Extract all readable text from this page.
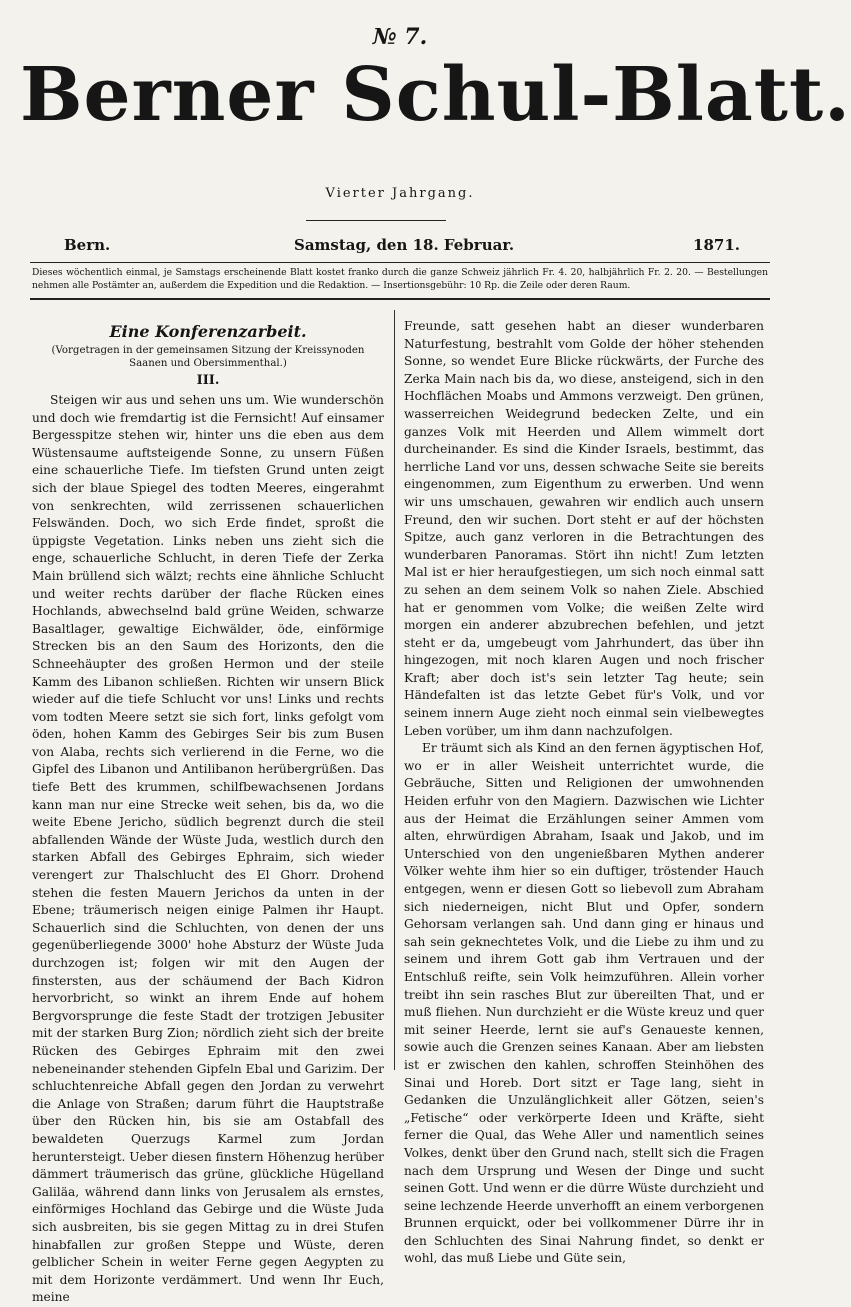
№ 7.
Berner Schul-Blatt.
Vierter Jahrgang.
Bern.	Samstag, den 18. Februar.	1871.
Dieses wöchentlich einmal, je Samstags erscheinende Blatt kostet franko durch die ganze Schweiz jährlich Fr. 4. 20, halbjährlich Fr. 2. 20. — Bestellungen nehmen alle Postämter an, außerdem die Expedition und die Redaktion. — Insertionsgebühr: 10 Rp. die Zeile oder deren Raum.
Eine Konferenzarbeit.
(Vorgetragen in der gemeinsamen Sitzung der Kreissynoden Saanen und Obersimmenthal.)
III.

Steigen wir aus und sehen uns um. Wie wunderschön und doch wie fremdartig ist die Fernsicht! Auf einsamer Bergesspitze stehen wir, hinter uns die eben aus dem Wüstensaume auftsteigende Sonne, zu unsern Füßen eine schauerliche Tiefe. Im tiefsten Grund unten zeigt sich der blaue Spiegel des todten Meeres, eingerahmt von senkrechten, wild zerrissenen schauerlichen Felswänden. Doch, wo sich Erde findet, sproßt die üppigste Vegetation. Links neben uns zieht sich die enge, schauerliche Schlucht, in deren Tiefe der Zerka Main brüllend sich wälzt; rechts eine ähnliche Schlucht und weiter rechts darüber der flache Rücken eines Hochlands, abwechselnd bald grüne Weiden, schwarze Basaltlager, gewaltige Eichwälder, öde, einförmige Strecken bis an den Saum des Horizonts, den die Schneehäupter des großen Hermon und der steile Kamm des Libanon schließen. Richten wir unsern Blick wieder auf die tiefe Schlucht vor uns! Links und rechts vom todten Meere setzt sie sich fort, links gefolgt vom öden, hohen Kamm des Gebirges Seir bis zum Busen von Alaba, rechts sich verlierend in die Ferne, wo die Gipfel des Libanon und Antilibanon herübergrüßen. Das tiefe Bett des krummen, schilfbewachsenen Jordans kann man nur eine Strecke weit sehen, bis da, wo die weite Ebene Jericho, südlich begrenzt durch die steil abfallenden Wände der Wüste Juda, westlich durch den starken Abfall des Gebirges Ephraim, sich wieder verengert zur Thalschlucht des El Ghorr. Drohend stehen die festen Mauern Jerichos da unten in der Ebene; träumerisch neigen einige Palmen ihr Haupt. Schauerlich sind die Schluchten, von denen der uns gegenüberliegende 3000' hohe Absturz der Wüste Juda durchzogen ist; folgen wir mit den Augen der finstersten, aus der schäumend der Bach Kidron hervorbricht, so winkt an ihrem Ende auf hohem Bergvorsprunge die feste Stadt der trotzigen Jebusiter mit der starken Burg Zion; nördlich zieht sich der breite Rücken des Gebirges Ephraim mit den zwei nebeneinander stehenden Gipfeln Ebal und Garizim. Der schluchtenreiche Abfall gegen den Jordan zu verwehrt die Anlage von Straßen; darum führt die Hauptstraße über den Rücken hin, bis sie am Ostabfall des bewaldeten Querzugs Karmel zum Jordan heruntersteigt. Ueber diesen finstern Höhenzug herüber dämmert träumerisch das grüne, glückliche Hügelland Galiläa, während dann links von Jerusalem als ernstes, einförmiges Hochland das Gebirge und die Wüste Juda sich ausbreiten, bis sie gegen Mittag zu in drei Stufen hinabfallen zur großen Steppe und Wüste, deren gelblicher Schein in weiter Ferne gegen Aegypten zu mit dem Horizonte verdämmert. Und wenn Ihr Euch, meine

Freunde, satt gesehen habt an dieser wunderbaren Naturfestung, bestrahlt vom Golde der höher stehenden Sonne, so wendet Eure Blicke rückwärts, der Furche des Zerka Main nach bis da, wo diese, ansteigend, sich in den Hochflächen Moabs und Ammons verzweigt. Den grünen, wasserreichen Weidegrund bedecken Zelte, und ein ganzes Volk mit Heerden und Allem wimmelt dort durcheinander. Es sind die Kinder Israels, bestimmt, das herrliche Land vor uns, dessen schwache Seite sie bereits eingenommen, zum Eigenthum zu erwerben. Und wenn wir uns umschauen, gewahren wir endlich auch unsern Freund, den wir suchen. Dort steht er auf der höchsten Spitze, auch ganz verloren in die Betrachtungen des wunderbaren Panoramas. Stört ihn nicht! Zum letzten Mal ist er hier heraufgestiegen, um sich noch einmal satt zu sehen an dem seinem Volk so nahen Ziele. Abschied hat er genommen vom Volke; die weißen Zelte wird morgen ein anderer abzubrechen befehlen, und jetzt steht er da, umgebeugt vom Jahrhundert, das über ihn hingezogen, mit noch klaren Augen und noch frischer Kraft; aber doch ist's sein letzter Tag heute; sein Händefalten ist das letzte Gebet für's Volk, und vor seinem innern Auge zieht noch einmal sein vielbewegtes Leben vorüber, um ihm dann nachzufolgen.

Er träumt sich als Kind an den fernen ägyptischen Hof, wo er in aller Weisheit unterrichtet wurde, die Gebräuche, Sitten und Religionen der umwohnenden Heiden erfuhr von den Magiern. Dazwischen wie Lichter aus der Heimat die Erzählungen seiner Ammen vom alten, ehrwürdigen Abraham, Isaak und Jakob, und im Unterschied von den ungenießbaren Mythen anderer Völker wehte ihm hier so ein duftiger, tröstender Hauch entgegen, wenn er diesen Gott so liebevoll zum Abraham sich niederneigen, nicht Blut und Opfer, sondern Gehorsam verlangen sah. Und dann ging er hinaus und sah sein geknechtetes Volk, und die Liebe zu ihm und zu seinem und ihrem Gott gab ihm Vertrauen und der Entschluß reifte, sein Volk heimzuführen. Allein vorher treibt ihn sein rasches Blut zur übereilten That, und er muß fliehen. Nun durchzieht er die Wüste kreuz und quer mit seiner Heerde, lernt sie auf's Genaueste kennen, sowie auch die Grenzen seines Kanaan. Aber am liebsten ist er zwischen den kahlen, schroffen Steinhöhen des Sinai und Horeb. Dort sitzt er Tage lang, sieht in Gedanken die Unzulänglichkeit aller Götzen, seien's „Fetische“ oder verkörperte Ideen und Kräfte, sieht ferner die Qual, das Wehe Aller und namentlich seines Volkes, denkt über den Grund nach, stellt sich die Fragen nach dem Ursprung und Wesen der Dinge und sucht seinen Gott. Und wenn er die dürre Wüste durchzieht und seine lechzende Heerde unverhofft an einem verborgenen Brunnen erquickt, oder bei vollkommener Dürre ihr in den Schluchten des Sinai Nahrung findet, so denkt er wohl, das muß Liebe und Güte sein,
